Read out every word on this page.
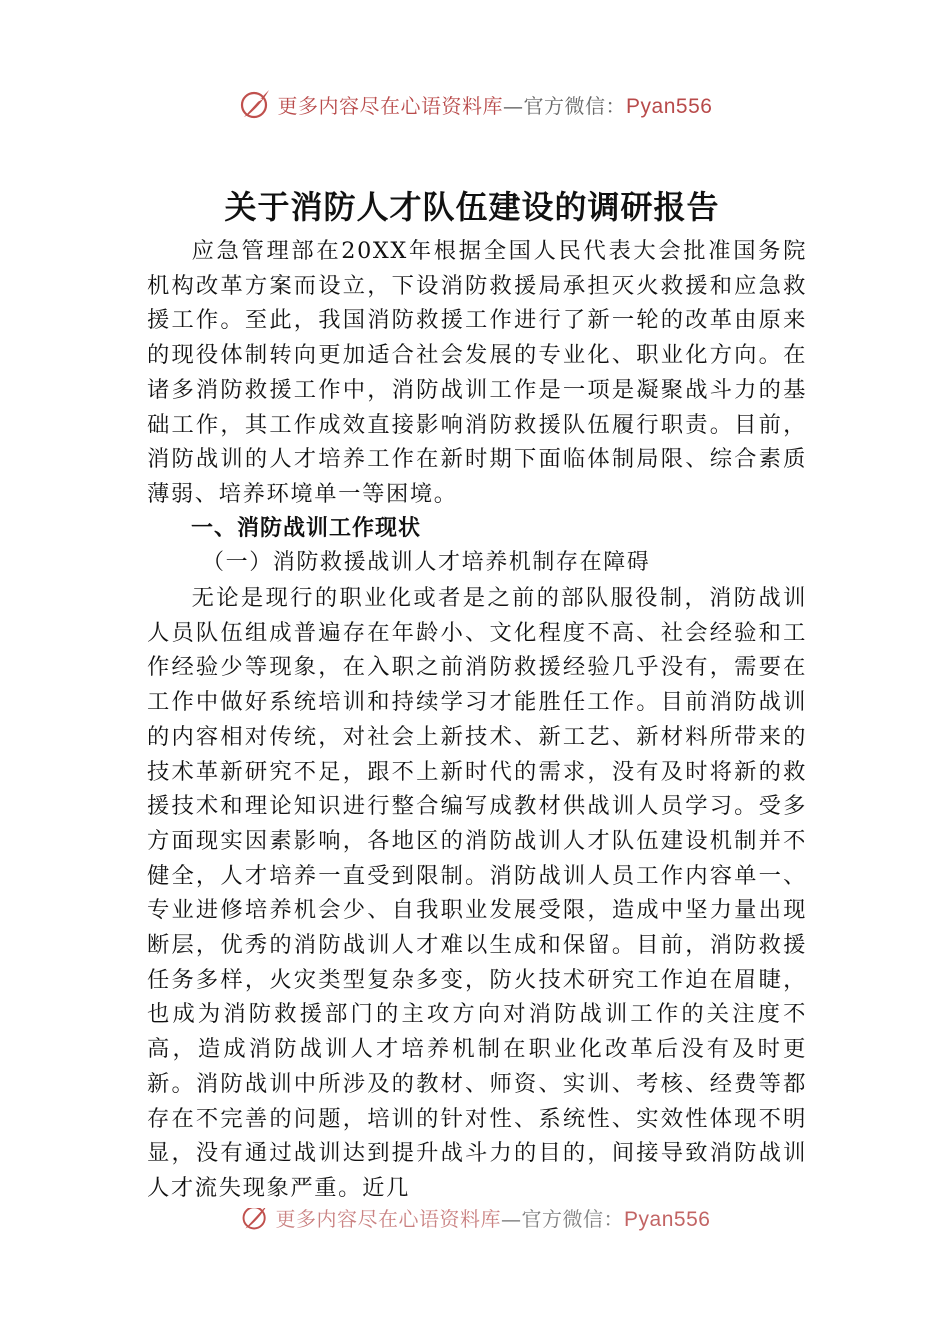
更多内容尽在心语资料库—官方微信：Pyan556
关于消防人才队伍建设的调研报告

应急管理部在20XX年根据全国人民代表大会批准国务院机构改革方案而设立，下设消防救援局承担灭火救援和应急救援工作。至此，我国消防救援工作进行了新一轮的改革由原来的现役体制转向更加适合社会发展的专业化、职业化方向。在诸多消防救援工作中，消防战训工作是一项是凝聚战斗力的基础工作，其工作成效直接影响消防救援队伍履行职责。目前，消防战训的人才培养工作在新时期下面临体制局限、综合素质薄弱、培养环境单一等困境。

一、消防战训工作现状

（一）消防救援战训人才培养机制存在障碍

无论是现行的职业化或者是之前的部队服役制，消防战训人员队伍组成普遍存在年龄小、文化程度不高、社会经验和工作经验少等现象，在入职之前消防救援经验几乎没有，需要在工作中做好系统培训和持续学习才能胜任工作。目前消防战训的内容相对传统，对社会上新技术、新工艺、新材料所带来的技术革新研究不足，跟不上新时代的需求，没有及时将新的救援技术和理论知识进行整合编写成教材供战训人员学习。受多方面现实因素影响，各地区的消防战训人才队伍建设机制并不健全，人才培养一直受到限制。消防战训人员工作内容单一、专业进修培养机会少、自我职业发展受限，造成中坚力量出现断层，优秀的消防战训人才难以生成和保留。目前，消防救援任务多样，火灾类型复杂多变，防火技术研究工作迫在眉睫，也成为消防救援部门的主攻方向对消防战训工作的关注度不高，造成消防战训人才培养机制在职业化改革后没有及时更新。消防战训中所涉及的教材、师资、实训、考核、经费等都存在不完善的问题，培训的针对性、系统性、实效性体现不明显，没有通过战训达到提升战斗力的目的，间接导致消防战训人才流失现象严重。近几

更多内容尽在心语资料库—官方微信：Pyan556
